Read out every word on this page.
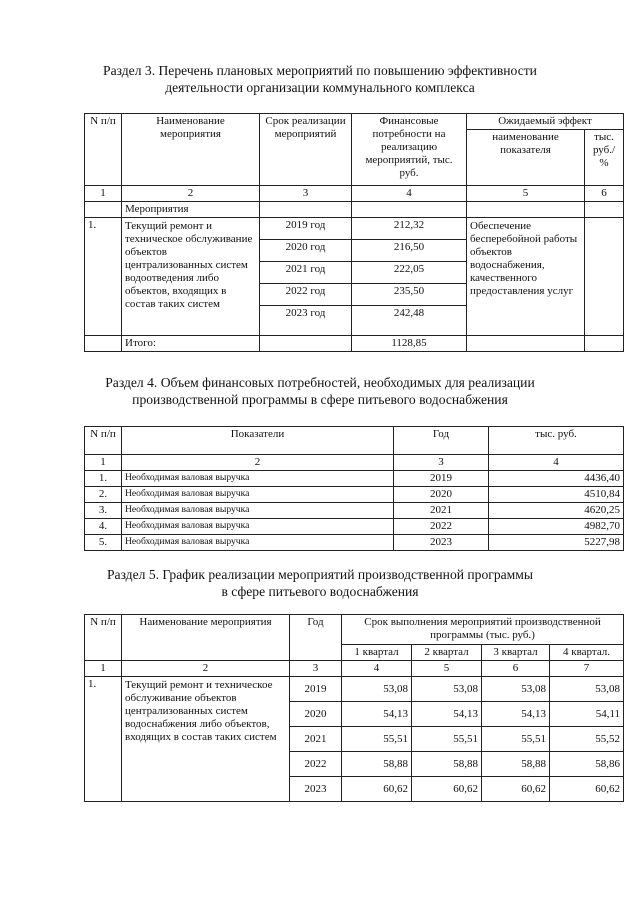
Раздел 3. Перечень плановых мероприятий по повышению эффективности
деятельности организации коммунального комплекса
N п/п	Наименование мероприятия	Срок реализации мероприятий	Финансовые потребности на реализацию мероприятий, тыс. руб.	Ожидаемый эффект	
				наименование показателя	тыс. руб./ %
1	2	3	4	5	6
	Мероприятия				
1.	Текущий ремонт и техническое обслуживание объектов централизованных систем водоотведения либо объектов, входящих в состав таких систем	2019 год	212,32	Обеспечение бесперебойной работы объектов водоснабжения, качественного предоставления услуг	
		2020 год	216,50		
		2021 год	222,05		
		2022 год	235,50		
		2023 год	242,48		
	Итого:		1128,85		
Раздел 4. Объем финансовых потребностей, необходимых для реализации
производственной программы в сфере питьевого водоснабжения
N п/п	Показатели	Год	тыс. руб.
1	2	3	4
1.	Необходимая валовая выручка	2019	4436,40
2.	Необходимая валовая выручка	2020	4510,84
3.	Необходимая валовая выручка	2021	4620,25
4.	Необходимая валовая выручка	2022	4982,70
5.	Необходимая валовая выручка	2023	5227,98
Раздел 5. График реализации мероприятий производственной программы
в сфере питьевого водоснабжения
N п/п	Наименование мероприятия	Год	Срок выполнения мероприятий производственной программы (тыс. руб.)			
			1 квартал	2 квартал	3 квартал	4 квартал.
1	2	3	4	5	6	7
1.	Текущий ремонт и техническое обслуживание объектов централизованных систем водоснабжения либо объектов, входящих в состав таких систем	2019	53,08	53,08	53,08	53,08
		2020	54,13	54,13	54,13	54,11
		2021	55,51	55,51	55,51	55,52
		2022	58,88	58,88	58,88	58,86
		2023	60,62	60,62	60,62	60,62
